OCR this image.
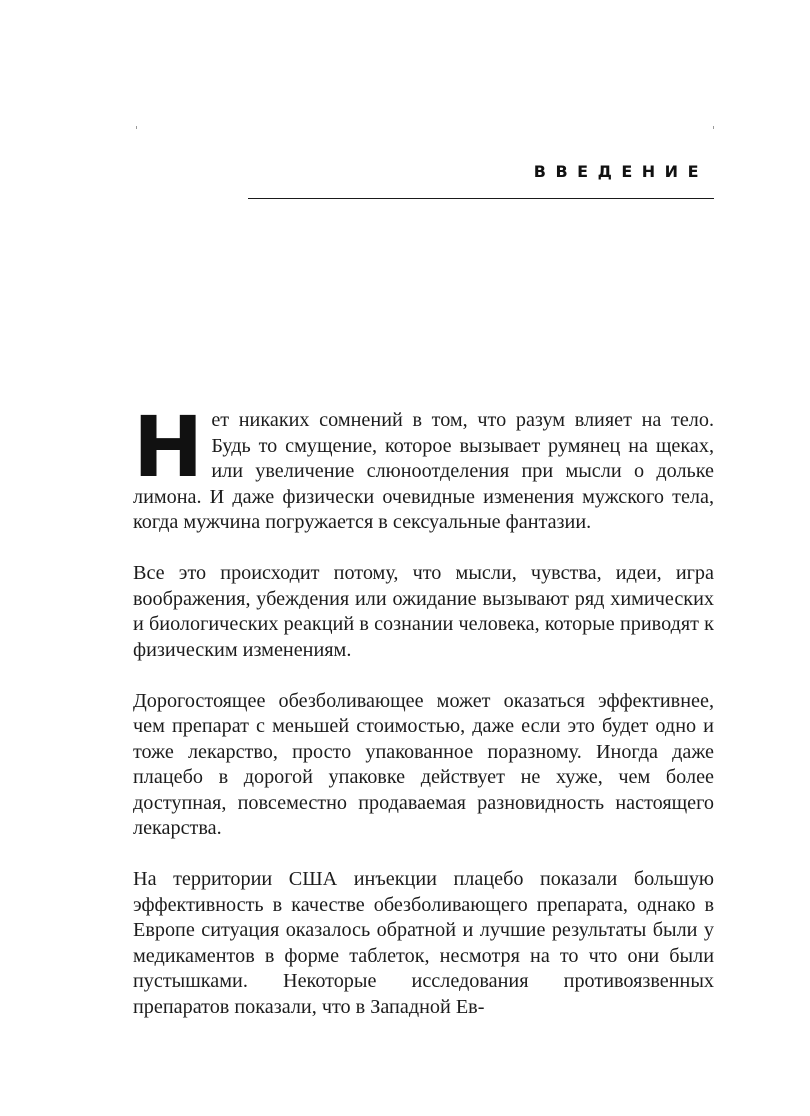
ВВЕДЕНИЕ

Нет никаких сомнений в том, что разум влияет на тело. Будь то смущение, которое вызывает румянец на щеках, или увеличение слюноотделения при мысли о дольке лимона. И даже физически очевидные изменения мужского тела, когда мужчина погружается в сексуальные фантазии.

Все это происходит потому, что мысли, чувства, идеи, игра воображения, убеждения или ожидание вызывают ряд химических и биологических реакций в сознании человека, которые приводят к физическим изменениям.

Дорогостоящее обезболивающее может оказаться эффективнее, чем препарат с меньшей стоимостью, даже если это будет одно и тоже лекарство, просто упакованное поразному. Иногда даже плацебо в дорогой упаковке действует не хуже, чем более доступная, повсеместно продаваемая разновидность настоящего лекарства.

На территории США инъекции плацебо показали большую эффективность в качестве обезболивающего препарата, однако в Европе ситуация оказалось обратной и лучшие результаты были у медикаментов в форме таблеток, несмотря на то что они были пустышками. Некоторые исследования противоязвенных препаратов показали, что в Западной Ев-
